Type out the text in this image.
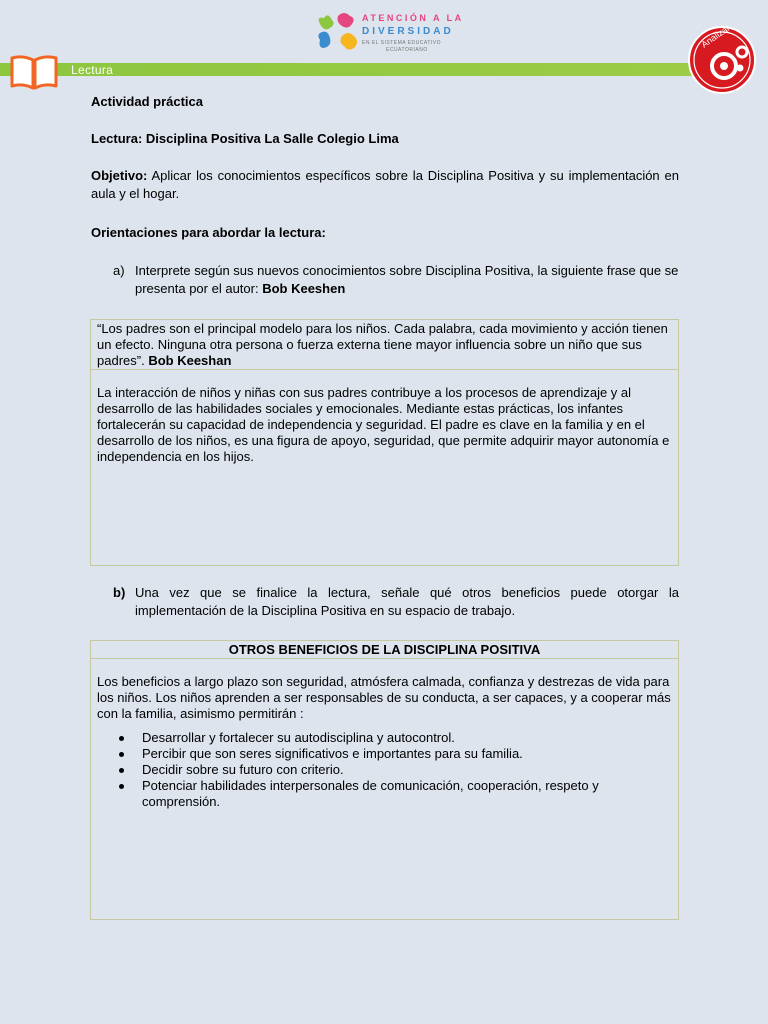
Lectura
ATENCIÓN A LA
DIVERSIDAD
EN EL SISTEMA EDUCATIVO
ECUATORIANO
Analizar
Actividad práctica
Lectura: Disciplina Positiva La Salle Colegio Lima
Objetivo: Aplicar los conocimientos específicos sobre la Disciplina Positiva y su implementación en aula y el hogar.
Orientaciones para abordar la lectura:
a) Interprete según sus nuevos conocimientos sobre Disciplina Positiva, la siguiente frase que se presenta por el autor: Bob Keeshen
“Los padres son el principal modelo para los niños. Cada palabra, cada movimiento y acción tienen un efecto. Ninguna otra persona o fuerza externa tiene mayor influencia sobre un niño que sus padres”. Bob Keeshan
La interacción de niños y niñas con sus padres contribuye a los procesos de aprendizaje y al desarrollo de las habilidades sociales y emocionales. Mediante estas prácticas, los infantes fortalecerán su capacidad de independencia y seguridad. El padre es clave en la familia y en el desarrollo de los niños, es una figura de apoyo, seguridad, que permite adquirir mayor autonomía e independencia en los hijos.
b) Una vez que se finalice la lectura, señale qué otros beneficios puede otorgar la implementación de la Disciplina Positiva en su espacio de trabajo.
OTROS BENEFICIOS DE LA DISCIPLINA POSITIVA
Los beneficios a largo plazo son seguridad, atmósfera calmada, confianza y destrezas de vida para los niños. Los niños aprenden a ser responsables de su conducta, a ser capaces, y a cooperar más con la familia, asimismo permitirán :
Desarrollar y fortalecer su autodisciplina y autocontrol.
Percibir que son seres significativos e importantes para su familia.
Decidir sobre su futuro con criterio.
Potenciar habilidades interpersonales de comunicación, cooperación, respeto y comprensión.
